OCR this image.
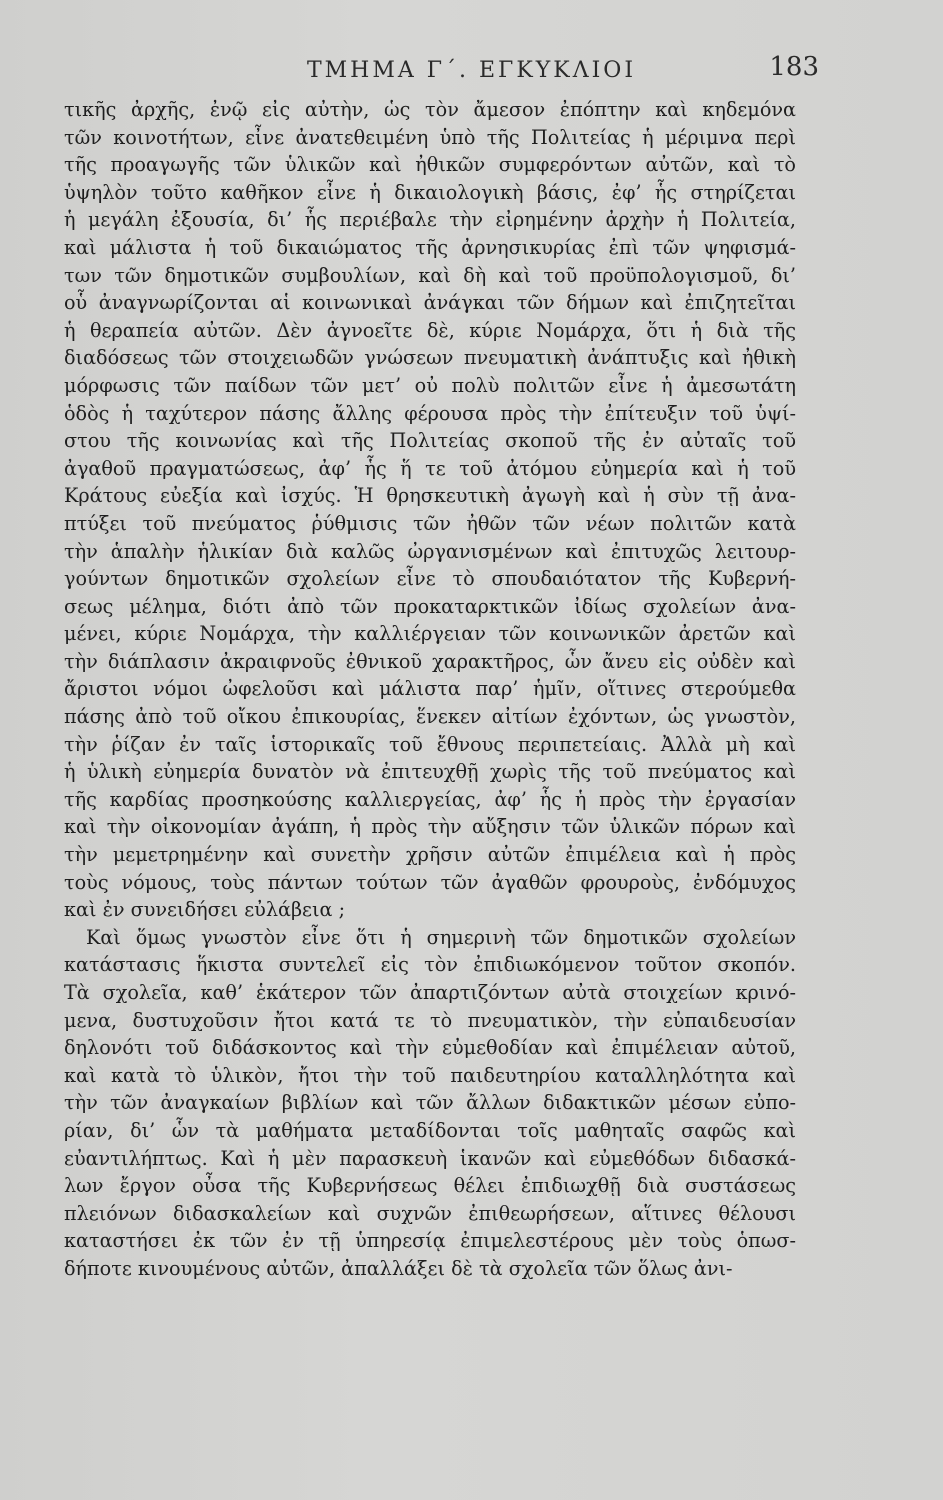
ΤΜΗΜΑ Γ΄. ΕΓΚΥΚΛΙΟΙ	183
τικῆς ἀρχῆς, ἐνῷ εἰς αὐτὴν, ὡς τὸν ἄμεσον ἐπόπτην καὶ κηδεμόνα
τῶν κοινοτήτων, εἶνε ἀνατεθειμένη ὑπὸ τῆς Πολιτείας ἡ μέριμνα περὶ
τῆς προαγωγῆς τῶν ὑλικῶν καὶ ἠθικῶν συμφερόντων αὐτῶν, καὶ τὸ
ὑψηλὸν τοῦτο καθῆκον εἶνε ἡ δικαιολογικὴ βάσις, ἐφ’ ἧς στηρίζεται
ἡ μεγάλη ἐξουσία, δι’ ἧς περιέβαλε τὴν εἰρημένην ἀρχὴν ἡ Πολιτεία,
καὶ μάλιστα ἡ τοῦ δικαιώματος τῆς ἀρνησικυρίας ἐπὶ τῶν ψηφισμά-
των τῶν δημοτικῶν συμβουλίων, καὶ δὴ καὶ τοῦ προϋπολογισμοῦ, δι’
οὗ ἀναγνωρίζονται αἱ κοινωνικαὶ ἀνάγκαι τῶν δήμων καὶ ἐπιζητεῖται
ἡ θεραπεία αὐτῶν. Δὲν ἀγνοεῖτε δὲ, κύριε Νομάρχα, ὅτι ἡ διὰ τῆς
διαδόσεως τῶν στοιχειωδῶν γνώσεων πνευματικὴ ἀνάπτυξις καὶ ἠθικὴ
μόρφωσις τῶν παίδων τῶν μετ’ οὐ πολὺ πολιτῶν εἶνε ἡ ἀμεσωτάτη
ὁδὸς ἡ ταχύτερον πάσης ἄλλης φέρουσα πρὸς τὴν ἐπίτευξιν τοῦ ὑψί-
στου τῆς κοινωνίας καὶ τῆς Πολιτείας σκοποῦ τῆς ἐν αὐταῖς τοῦ
ἀγαθοῦ πραγματώσεως, ἀφ’ ἧς ἥ τε τοῦ ἀτόμου εὐημερία καὶ ἡ τοῦ
Κράτους εὐεξία καὶ ἰσχύς. Ἡ θρησκευτικὴ ἀγωγὴ καὶ ἡ σὺν τῇ ἀνα-
πτύξει τοῦ πνεύματος ῥύθμισις τῶν ἠθῶν τῶν νέων πολιτῶν κατὰ
τὴν ἁπαλὴν ἡλικίαν διὰ καλῶς ὠργανισμένων καὶ ἐπιτυχῶς λειτουρ-
γούντων δημοτικῶν σχολείων εἶνε τὸ σπουδαιότατον τῆς Κυβερνή-
σεως μέλημα, διότι ἀπὸ τῶν προκαταρκτικῶν ἰδίως σχολείων ἀνα-
μένει, κύριε Νομάρχα, τὴν καλλιέργειαν τῶν κοινωνικῶν ἀρετῶν καὶ
τὴν διάπλασιν ἀκραιφνοῦς ἐθνικοῦ χαρακτῆρος, ὧν ἄνευ εἰς οὐδὲν καὶ
ἄριστοι νόμοι ὠφελοῦσι καὶ μάλιστα παρ’ ἡμῖν, οἵτινες στερούμεθα
πάσης ἀπὸ τοῦ οἴκου ἐπικουρίας, ἕνεκεν αἰτίων ἐχόντων, ὡς γνωστὸν,
τὴν ῥίζαν ἐν ταῖς ἱστορικαῖς τοῦ ἔθνους περιπετείαις. Ἀλλὰ μὴ καὶ
ἡ ὑλικὴ εὐημερία δυνατὸν νὰ ἐπιτευχθῇ χωρὶς τῆς τοῦ πνεύματος καὶ
τῆς καρδίας προσηκούσης καλλιεργείας, ἀφ’ ἧς ἡ πρὸς τὴν ἐργασίαν
καὶ τὴν οἰκονομίαν ἀγάπη, ἡ πρὸς τὴν αὔξησιν τῶν ὑλικῶν πόρων καὶ
τὴν μεμετρημένην καὶ συνετὴν χρῆσιν αὐτῶν ἐπιμέλεια καὶ ἡ πρὸς
τοὺς νόμους, τοὺς πάντων τούτων τῶν ἀγαθῶν φρουροὺς, ἐνδόμυχος
καὶ ἐν συνειδήσει εὐλάβεια ;
Καὶ ὅμως γνωστὸν εἶνε ὅτι ἡ σημερινὴ τῶν δημοτικῶν σχολείων
κατάστασις ἥκιστα συντελεῖ εἰς τὸν ἐπιδιωκόμενον τοῦτον σκοπόν.
Τὰ σχολεῖα, καθ’ ἑκάτερον τῶν ἀπαρτιζόντων αὐτὰ στοιχείων κρινό-
μενα, δυστυχοῦσιν ἤτοι κατά τε τὸ πνευματικὸν, τὴν εὐπαιδευσίαν
δηλονότι τοῦ διδάσκοντος καὶ τὴν εὐμεθοδίαν καὶ ἐπιμέλειαν αὐτοῦ,
καὶ κατὰ τὸ ὑλικὸν, ἤτοι τὴν τοῦ παιδευτηρίου καταλληλότητα καὶ
τὴν τῶν ἀναγκαίων βιβλίων καὶ τῶν ἄλλων διδακτικῶν μέσων εὐπο-
ρίαν, δι’ ὧν τὰ μαθήματα μεταδίδονται τοῖς μαθηταῖς σαφῶς καὶ
εὐαντιλήπτως. Καὶ ἡ μὲν παρασκευὴ ἱκανῶν καὶ εὐμεθόδων διδασκά-
λων ἔργον οὖσα τῆς Κυβερνήσεως θέλει ἐπιδιωχθῇ διὰ συστάσεως
πλειόνων διδασκαλείων καὶ συχνῶν ἐπιθεωρήσεων, αἵτινες θέλουσι
καταστήσει ἐκ τῶν ἐν τῇ ὑπηρεσίᾳ ἐπιμελεστέρους μὲν τοὺς ὁπωσ-
δήποτε κινουμένους αὐτῶν, ἀπαλλάξει δὲ τὰ σχολεῖα τῶν ὅλως ἀνι-
